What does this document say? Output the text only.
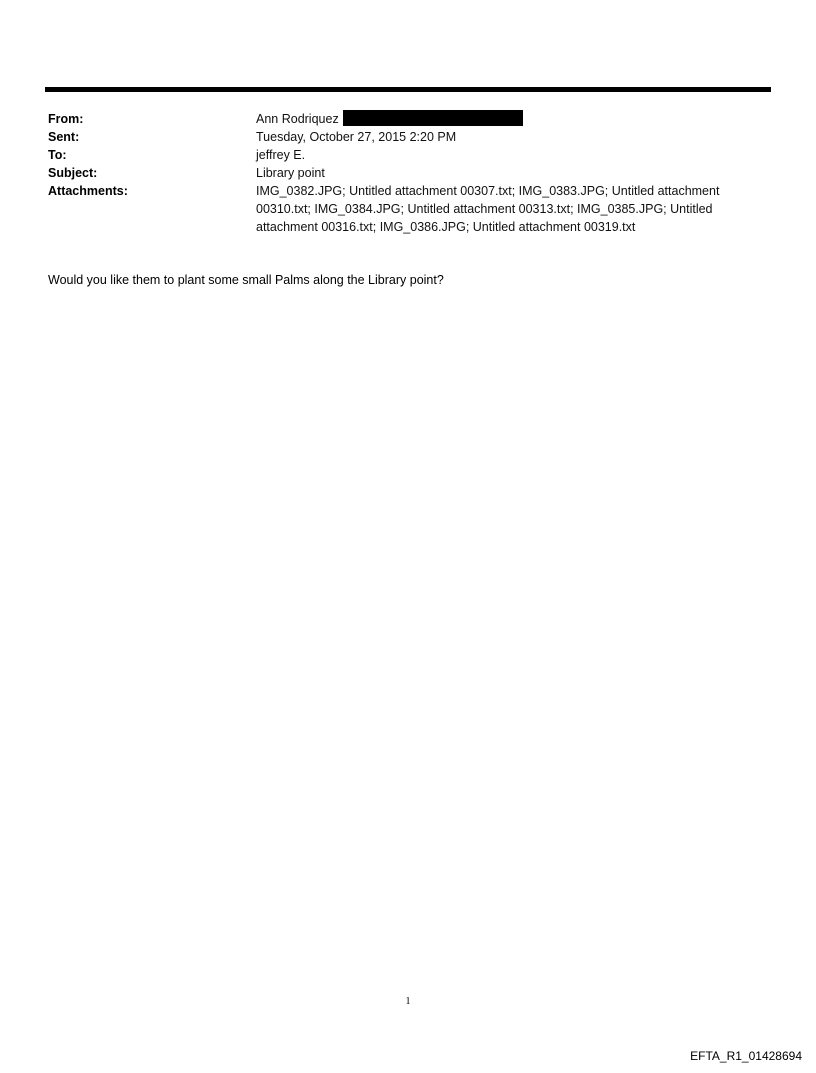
From:	Ann Rodriquez
Sent:	Tuesday, October 27, 2015 2:20 PM
To:	jeffrey E.
Subject:	Library point
Attachments:	IMG_0382.JPG; Untitled attachment 00307.txt; IMG_0383.JPG; Untitled attachment 00310.txt; IMG_0384.JPG; Untitled attachment 00313.txt; IMG_0385.JPG; Untitled attachment 00316.txt; IMG_0386.JPG; Untitled attachment 00319.txt
Would you like them to plant some small Palms along the Library point?
1
EFTA_R1_01428694
